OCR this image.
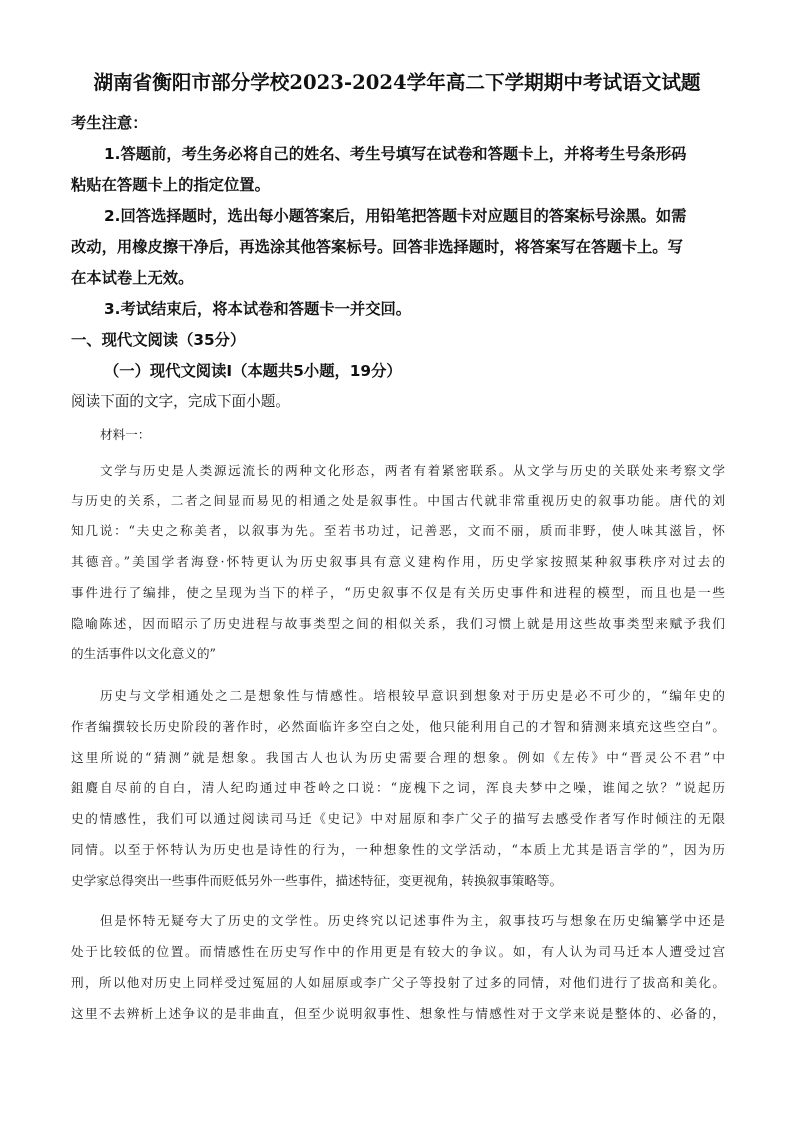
湖南省衡阳市部分学校2023-2024学年高二下学期期中考试语文试题
考生注意：
1.答题前，考生务必将自己的姓名、考生号填写在试卷和答题卡上，并将考生号条形码
粘贴在答题卡上的指定位置。
2.回答选择题时，选出每小题答案后，用铅笔把答题卡对应题目的答案标号涂黑。如需
改动，用橡皮擦干净后，再选涂其他答案标号。回答非选择题时，将答案写在答题卡上。写
在本试卷上无效。
3.考试结束后，将本试卷和答题卡一并交回。
一、现代文阅读（35分）
（一）现代文阅读Ⅰ（本题共5小题，19分）
阅读下面的文字，完成下面小题。
材料一：
文学与历史是人类源远流长的两种文化形态，两者有着紧密联系。从文学与历史的关联处来考察文学
与历史的关系，二者之间显而易见的相通之处是叙事性。中国古代就非常重视历史的叙事功能。唐代的刘
知几说：“夫史之称美者，以叙事为先。至若书功过，记善恶，文而不丽，质而非野，使人味其滋旨，怀
其德音。”美国学者海登·怀特更认为历史叙事具有意义建构作用，历史学家按照某种叙事秩序对过去的
事件进行了编排，使之呈现为当下的样子，“历史叙事不仅是有关历史事件和进程的模型，而且也是一些
隐喻陈述，因而昭示了历史进程与故事类型之间的相似关系，我们习惯上就是用这些故事类型来赋予我们
的生活事件以文化意义的”
历史与文学相通处之二是想象性与情感性。培根较早意识到想象对于历史是必不可少的，“编年史的
作者编撰较长历史阶段的著作时，必然面临许多空白之处，他只能利用自己的才智和猜测来填充这些空白”。
这里所说的“猜测”就是想象。我国古人也认为历史需要合理的想象。例如《左传》中“晋灵公不君”中
鉏麑自尽前的自白，清人纪昀通过申苍岭之口说：“庞槐下之词，浑良夫梦中之噪，谁闻之欤？”说起历
史的情感性，我们可以通过阅读司马迁《史记》中对屈原和李广父子的描写去感受作者写作时倾注的无限
同情。以至于怀特认为历史也是诗性的行为，一种想象性的文学活动，“本质上尤其是语言学的”，因为历
史学家总得突出一些事件而贬低另外一些事件，描述特征，变更视角，转换叙事策略等。
但是怀特无疑夸大了历史的文学性。历史终究以记述事件为主，叙事技巧与想象在历史编纂学中还是
处于比较低的位置。而情感性在历史写作中的作用更是有较大的争议。如，有人认为司马迁本人遭受过宫
刑，所以他对历史上同样受过冤屈的人如屈原或李广父子等投射了过多的同情，对他们进行了拔高和美化。
这里不去辨析上述争议的是非曲直，但至少说明叙事性、想象性与情感性对于文学来说是整体的、必备的，
